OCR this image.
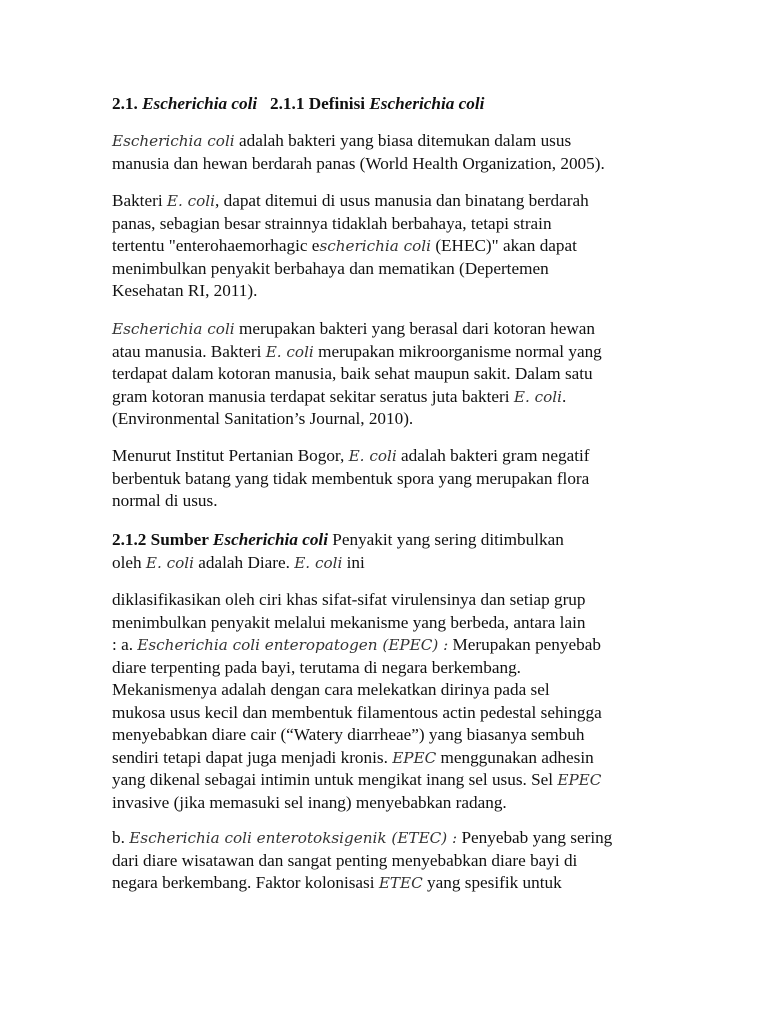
2.1. Escherichia coli 2.1.1 Definisi Escherichia coli

Escherichia coli adalah bakteri yang biasa ditemukan dalam usus
manusia dan hewan berdarah panas (World Health Organization, 2005).
Bakteri E. coli, dapat ditemui di usus manusia dan binatang berdarah
panas, sebagian besar strainnya tidaklah berbahaya, tetapi strain
tertentu "enterohaemorhagic escherichia coli (EHEC)" akan dapat
menimbulkan penyakit berbahaya dan mematikan (Depertemen
Kesehatan RI, 2011).
Escherichia coli merupakan bakteri yang berasal dari kotoran hewan
atau manusia. Bakteri E. coli merupakan mikroorganisme normal yang
terdapat dalam kotoran manusia, baik sehat maupun sakit. Dalam satu
gram kotoran manusia terdapat sekitar seratus juta bakteri E. coli.
(Environmental Sanitation’s Journal, 2010).
Menurut Institut Pertanian Bogor, E. coli adalah bakteri gram negatif
berbentuk batang yang tidak membentuk spora yang merupakan flora
normal di usus.
2.1.2 Sumber Escherichia coli Penyakit yang sering ditimbulkan
oleh E. coli adalah Diare. E. coli ini
diklasifikasikan oleh ciri khas sifat-sifat virulensinya dan setiap grup
menimbulkan penyakit melalui mekanisme yang berbeda, antara lain
: a. Escherichia coli enteropatogen (EPEC) : Merupakan penyebab
diare terpenting pada bayi, terutama di negara berkembang.
Mekanismenya adalah dengan cara melekatkan dirinya pada sel
mukosa usus kecil dan membentuk filamentous actin pedestal sehingga
menyebabkan diare cair (“Watery diarrheae”) yang biasanya sembuh
sendiri tetapi dapat juga menjadi kronis. EPEC menggunakan adhesin
yang dikenal sebagai intimin untuk mengikat inang sel usus. Sel EPEC
invasive (jika memasuki sel inang) menyebabkan radang.
b. Escherichia coli enterotoksigenik (ETEC) : Penyebab yang sering
dari diare wisatawan dan sangat penting menyebabkan diare bayi di
negara berkembang. Faktor kolonisasi ETEC yang spesifik untuk
